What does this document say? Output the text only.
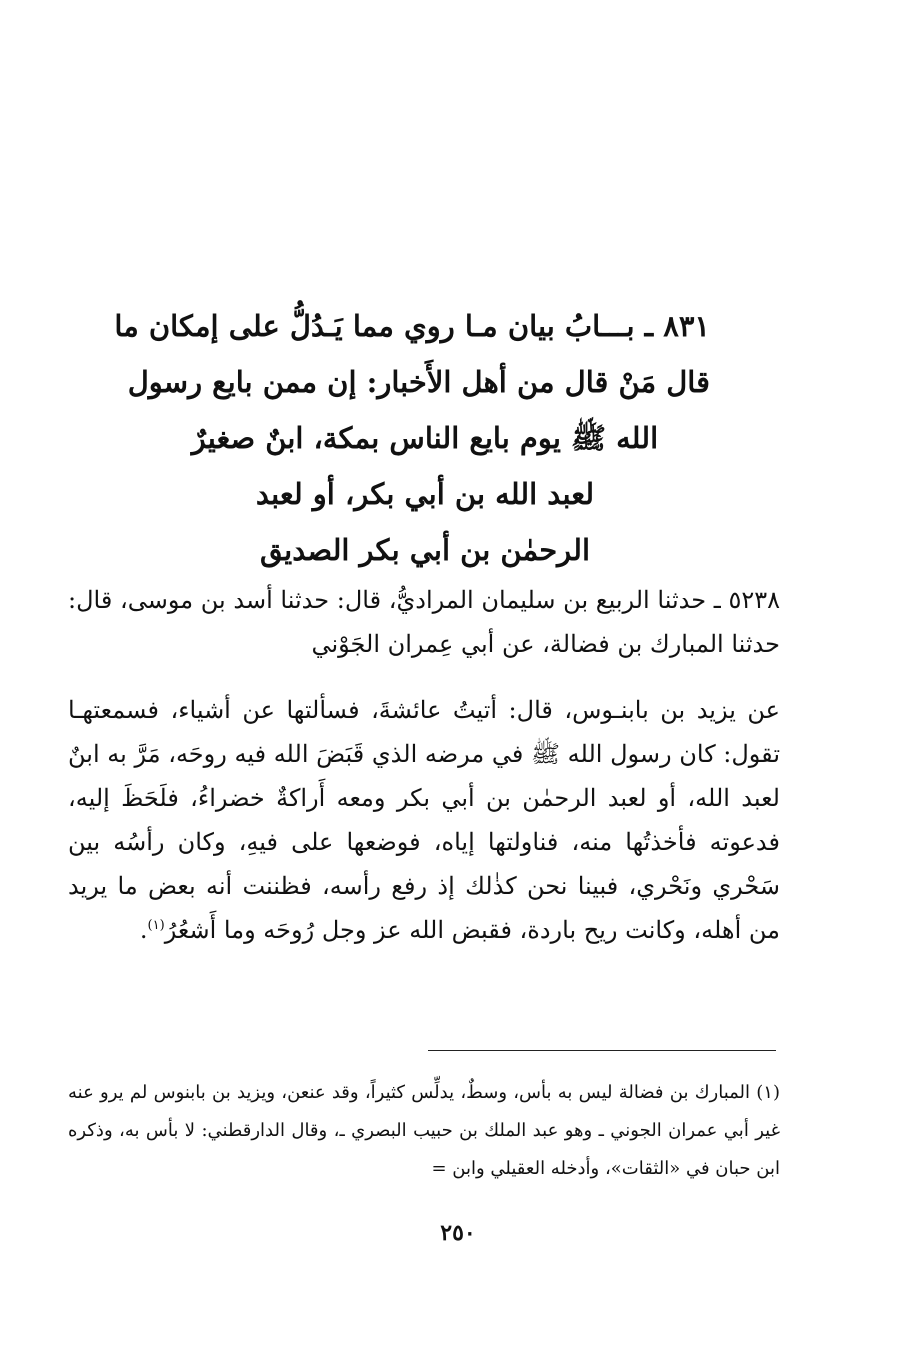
٨٣١ ـ بـــابُ بيان مـا روي مما يَـدُلُّ على إمكان ما
قال مَنْ قال من أهل الأَخبار: إن ممن بايع رسول
الله ﷺ يوم بايع الناس بمكة، ابنٌ صغيرٌ
لعبد الله بن أبي بكر، أو لعبد
الرحمٰن بن أبي بكر الصديق

٥٢٣٨ ـ حدثنا الربيع بن سليمان المراديُّ، قال: حدثنا أسد بن موسى، قال: حدثنا المبارك بن فضالة، عن أبي عِمران الجَوْني

عن يزيد بن بابنـوس، قال: أتيتُ عائشةَ، فسألتها عن أشياء، فسمعتهـا تقول: كان رسول الله ﷺ في مرضه الذي قَبَضَ الله فيه روحَه، مَرَّ به ابنٌ لعبد الله، أو لعبد الرحمٰن بن أبي بكر ومعه أَراكةٌ خضراءُ، فلَحَظَ إليه، فدعوته فأخذتُها منه، فناولتها إياه، فوضعها على فيهِ، وكان رأسُه بين سَحْري ونَحْري، فبينا نحن كذٰلك إذ رفع رأسه، فظننت أنه بعض ما يريد من أهله، وكانت ريح باردة، فقبض الله عز وجل رُوحَه وما أَشعُرُ$^{(١)}$.

(١) المبارك بن فضالة ليس به بأس، وسطٌ، يدلِّس كثيراً، وقد عنعن، ويزيد بن بابنوس لم يرو عنه غير أبي عمران الجوني ـ وهو عبد الملك بن حبيب البصري ـ، وقال الدارقطني: لا بأس به، وذكره ابن حبان في «الثقات»، وأدخله العقيلي وابن =

٢٥٠
